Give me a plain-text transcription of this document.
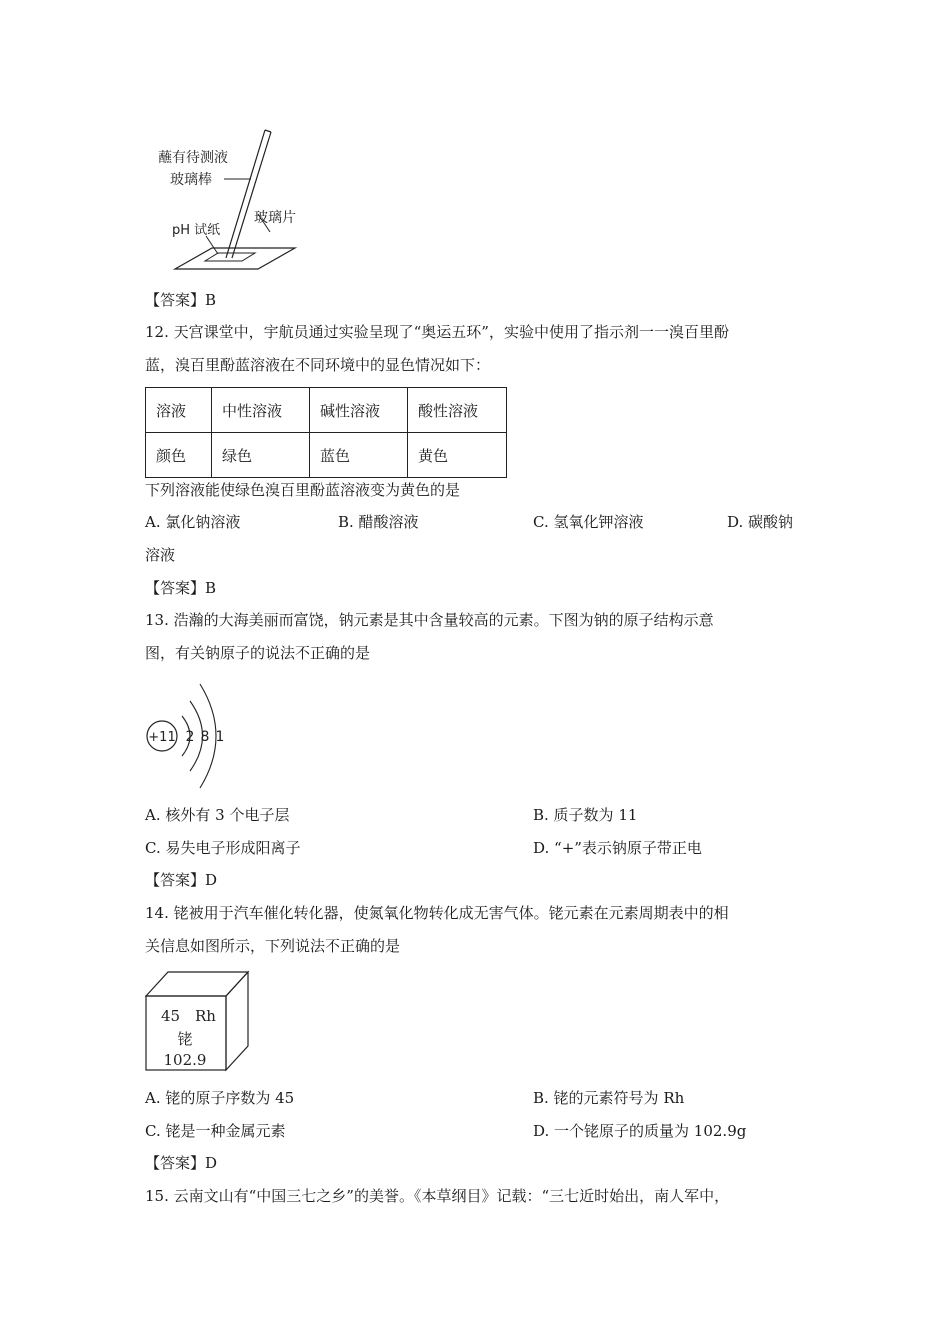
蘸有待测液
玻璃棒
玻璃片
pH 试纸
【答案】B
12. 天宫课堂中，宇航员通过实验呈现了“奥运五环”，实验中使用了指示剂一一溴百里酚
蓝，溴百里酚蓝溶液在不同环境中的显色情况如下：
溶液	中性溶液	碱性溶液	酸性溶液
颜色	绿色	蓝色	黄色
下列溶液能使绿色溴百里酚蓝溶液变为黄色的是
A. 氯化钠溶液	B. 醋酸溶液	C. 氢氧化钾溶液	D. 碳酸钠
溶液
【答案】B
13. 浩瀚的大海美丽而富饶，钠元素是其中含量较高的元素。下图为钠的原子结构示意
图，有关钠原子的说法不正确的是
+11 2 8 1
A. 核外有 3 个电子层	B. 质子数为 11
C. 易失电子形成阳离子	D. “+”表示钠原子带正电
【答案】D
14. 铑被用于汽车催化转化器，使氮氧化物转化成无害气体。铑元素在元素周期表中的相
关信息如图所示，下列说法不正确的是
45 Rh
铑
102.9
A. 铑的原子序数为 45	B. 铑的元素符号为 Rh
C. 铑是一种金属元素	D. 一个铑原子的质量为 102.9g
【答案】D
15. 云南文山有“中国三七之乡”的美誉。《本草纲目》记载：“三七近时始出，南人军中，
